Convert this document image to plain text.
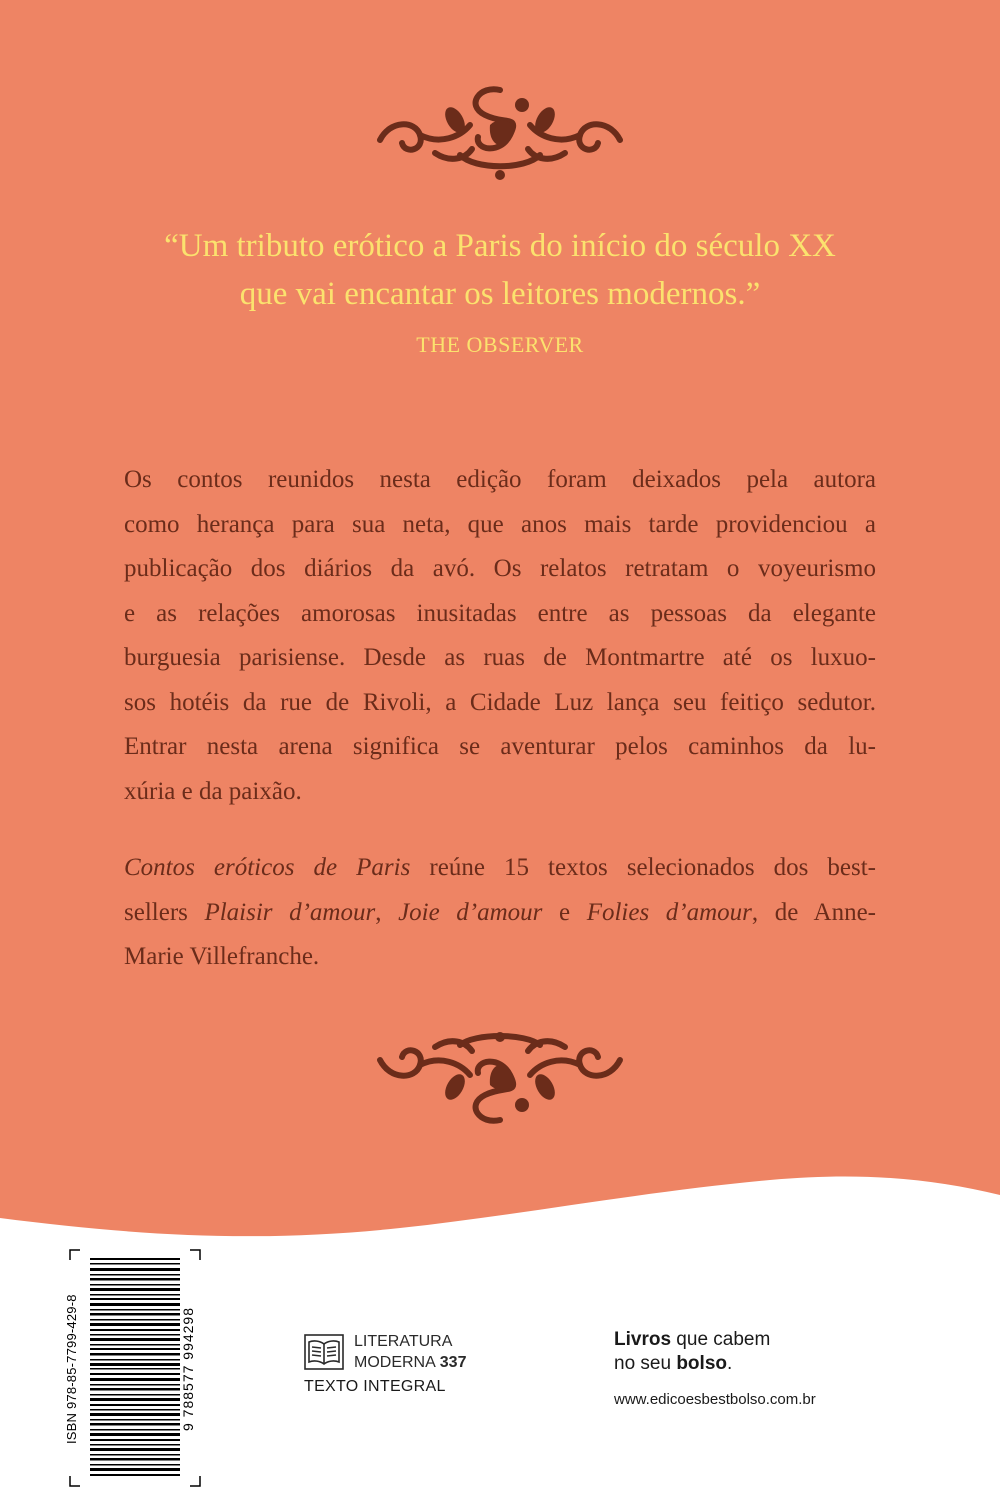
“Um tributo erótico a Paris do início do século XX
que vai encantar os leitores modernos.”
THE OBSERVER
Os contos reunidos nesta edição foram deixados pela autora
como herança para sua neta, que anos mais tarde providenciou a
publicação dos diários da avó. Os relatos retratam o voyeurismo
e as relações amorosas inusitadas entre as pessoas da elegante
burguesia parisiense. Desde as ruas de Montmartre até os luxuo-
sos hotéis da rue de Rivoli, a Cidade Luz lança seu feitiço sedutor.
Entrar nesta arena significa se aventurar pelos caminhos da lu-
xúria e da paixão.
Contos eróticos de Paris reúne 15 textos selecionados dos best-
sellers Plaisir d’amour, Joie d’amour e Folies d’amour, de Anne-
Marie Villefranche.
ISBN 978-85-7799-429-8	9 788577 994298	LITERATURA
MODERNA 337
TEXTO INTEGRAL
Livros que cabem
no seu bolso.
www.edicoesbestbolso.com.br
